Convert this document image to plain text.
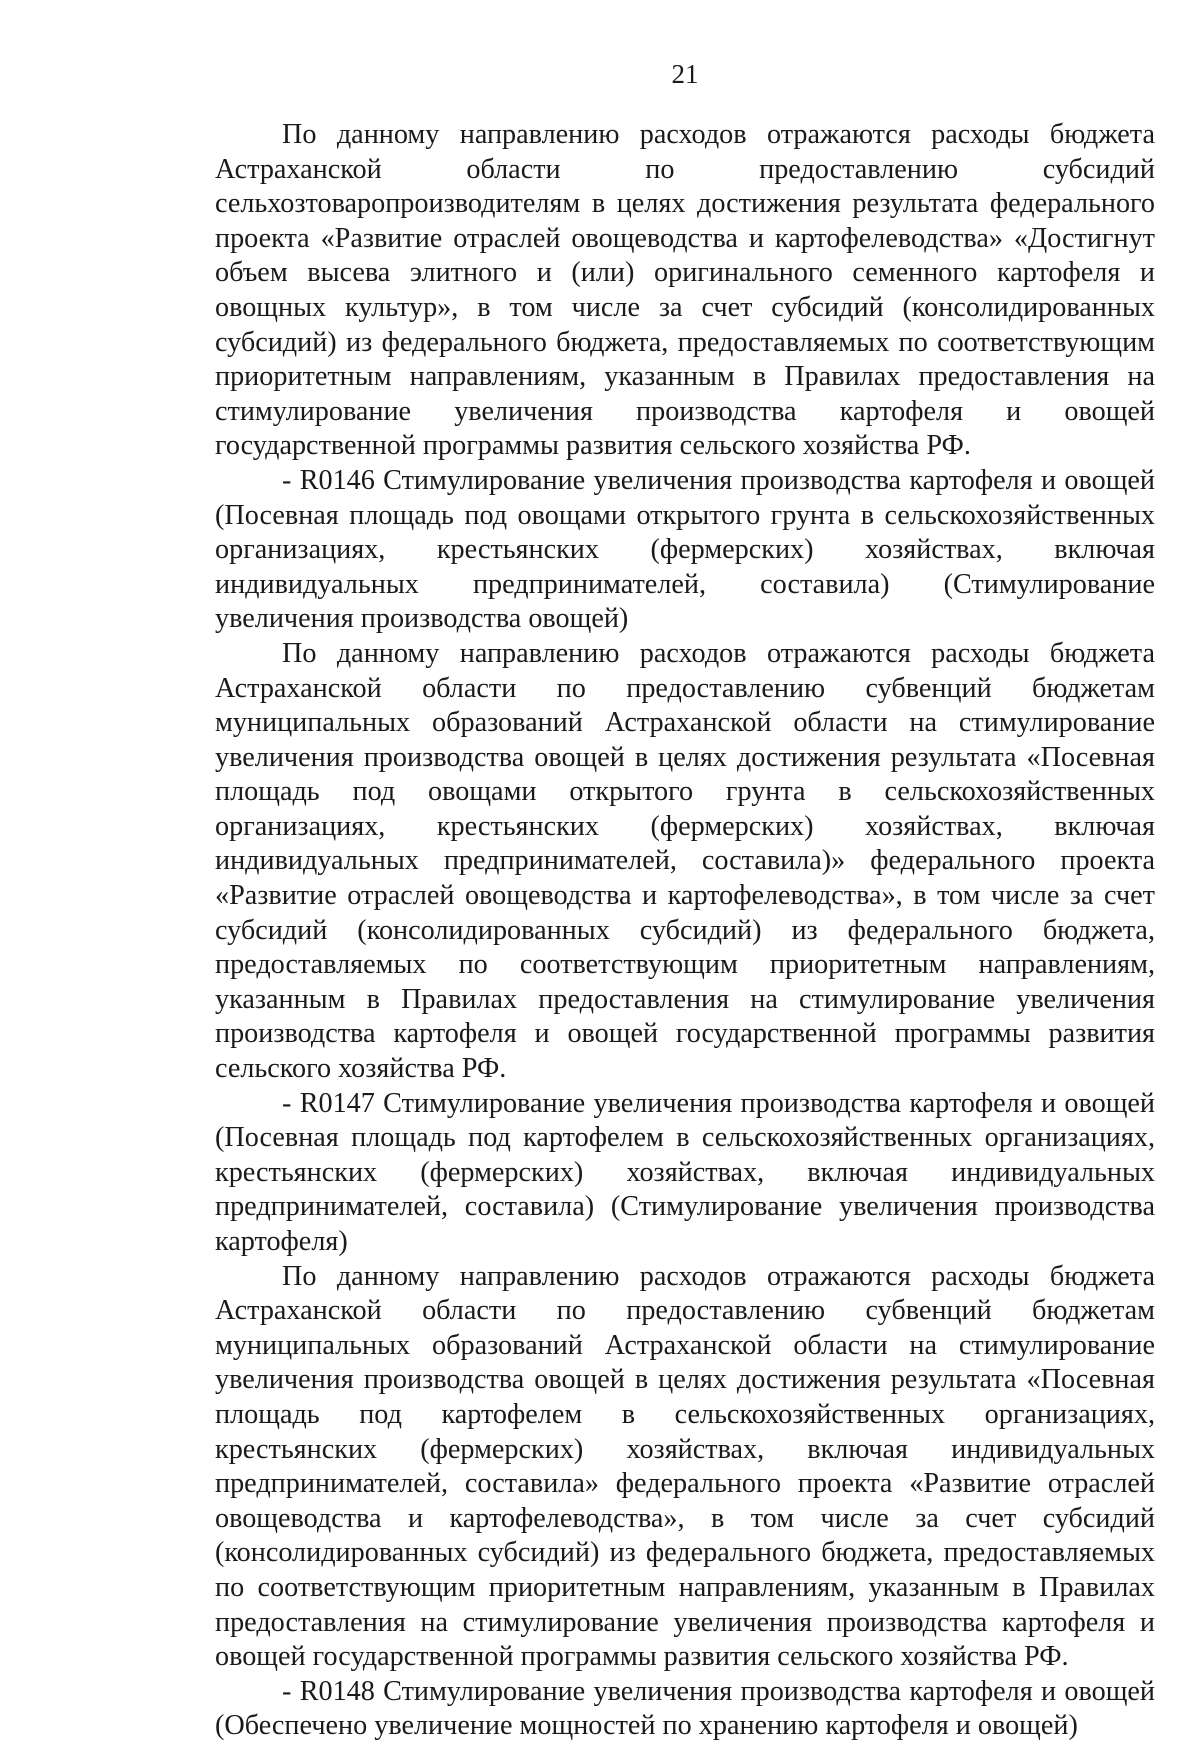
21

По данному направлению расходов отражаются расходы бюджета Астраханской области по предоставлению субсидий сельхозтоваропроизводителям в целях достижения результата федерального проекта «Развитие отраслей овощеводства и картофелеводства» «Достигнут объем высева элитного и (или) оригинального семенного картофеля и овощных культур», в том числе за счет субсидий (консолидированных субсидий) из федерального бюджета, предоставляемых по соответствующим приоритетным направлениям, указанным в Правилах предоставления на стимулирование увеличения производства картофеля и овощей государственной программы развития сельского хозяйства РФ.

- R0146 Стимулирование увеличения производства картофеля и овощей (Посевная площадь под овощами открытого грунта в сельскохозяйственных организациях, крестьянских (фермерских) хозяйствах, включая индивидуальных предпринимателей, составила) (Стимулирование увеличения производства овощей)

По данному направлению расходов отражаются расходы бюджета Астраханской области по предоставлению субвенций бюджетам муниципальных образований Астраханской области на стимулирование увеличения производства овощей в целях достижения результата «Посевная площадь под овощами открытого грунта в сельскохозяйственных организациях, крестьянских (фермерских) хозяйствах, включая индивидуальных предпринимателей, составила)» федерального проекта «Развитие отраслей овощеводства и картофелеводства», в том числе за счет субсидий (консолидированных субсидий) из федерального бюджета, предоставляемых по соответствующим приоритетным направлениям, указанным в Правилах предоставления на стимулирование увеличения производства картофеля и овощей государственной программы развития сельского хозяйства РФ.

- R0147 Стимулирование увеличения производства картофеля и овощей (Посевная площадь под картофелем в сельскохозяйственных организациях, крестьянских (фермерских) хозяйствах, включая индивидуальных предпринимателей, составила) (Стимулирование увеличения производства картофеля)

По данному направлению расходов отражаются расходы бюджета Астраханской области по предоставлению субвенций бюджетам муниципальных образований Астраханской области на стимулирование увеличения производства овощей в целях достижения результата «Посевная площадь под картофелем в сельскохозяйственных организациях, крестьянских (фермерских) хозяйствах, включая индивидуальных предпринимателей, составила» федерального проекта «Развитие отраслей овощеводства и картофелеводства», в том числе за счет субсидий (консолидированных субсидий) из федерального бюджета, предоставляемых по соответствующим приоритетным направлениям, указанным в Правилах предоставления на стимулирование увеличения производства картофеля и овощей государственной программы развития сельского хозяйства РФ.

- R0148 Стимулирование увеличения производства картофеля и овощей (Обеспечено увеличение мощностей по хранению картофеля и овощей)
